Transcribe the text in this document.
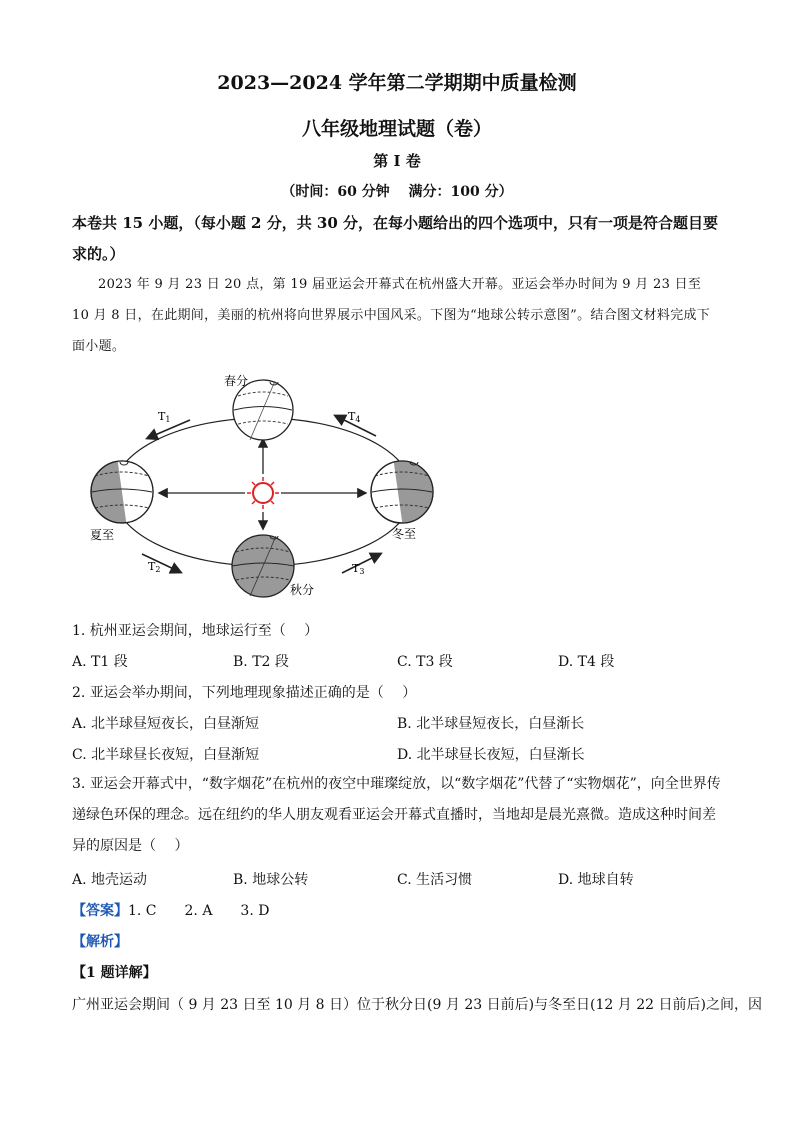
2023—2024 学年第二学期期中质量检测
八年级地理试题（卷）
第 I 卷
（时间：60 分钟　 满分：100 分）
本卷共 15 小题，（每小题 2 分，共 30 分，在每小题给出的四个选项中，只有一项是符合题目要求的。）
2023 年 9 月 23 日 20 点，第 19 届亚运会开幕式在杭州盛大开幕。亚运会举办时间为 9 月 23 日至 10 月 8 日，在此期间，美丽的杭州将向世界展示中国风采。下图为“地球公转示意图”。结合图文材料完成下面小题。
春分
夏至	冬至
秋分
T1
T2	T3
T4
1. 杭州亚运会期间，地球运行至（　 ）
A. T1 段	B. T2 段	C. T3 段	D. T4 段
2. 亚运会举办期间，下列地理现象描述正确的是（　 ）
A. 北半球昼短夜长，白昼渐短	B. 北半球昼短夜长，白昼渐长
C. 北半球昼长夜短，白昼渐短	D. 北半球昼长夜短，白昼渐长
3. 亚运会开幕式中，“数字烟花”在杭州的夜空中璀璨绽放，以“数字烟花”代替了“实物烟花”，向全世界传递绿色环保的理念。远在纽约的华人朋友观看亚运会开幕式直播时，当地却是晨光熹微。造成这种时间差异的原因是（　 ）
A. 地壳运动	B. 地球公转	C. 生活习惯	D. 地球自转
【答案】1. C　　2. A　　3. D
【解析】
【1 题详解】
广州亚运会期间（ 9 月 23 日至 10 月 8 日）位于秋分日(9 月 23 日前后)与冬至日(12 月 22 日前后)之间，因
